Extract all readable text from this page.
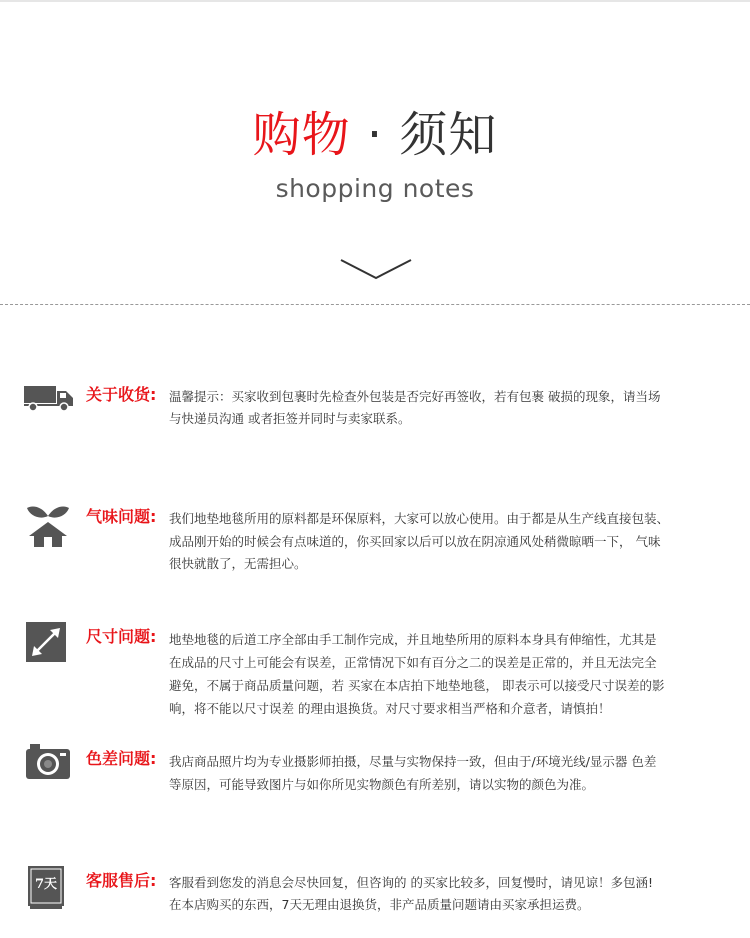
购物 · 须知
shopping notes
关于收货: 温馨提示：买家收到包裹时先检查外包装是否完好再签收，若有包裹 破损的现象，请当场
与快递员沟通 或者拒签并同时与卖家联系。
气味问题: 我们地垫地毯所用的原料都是环保原料，大家可以放心使用。由于都是从生产线直接包装、
成品刚开始的时候会有点味道的，你买回家以后可以放在阴凉通风处稍微晾晒一下， 气味
很快就散了，无需担心。
尺寸问题: 地垫地毯的后道工序全部由手工制作完成，并且地垫所用的原料本身具有伸缩性，尤其是
在成品的尺寸上可能会有误差，正常情况下如有百分之二的误差是正常的，并且无法完全
避免，不属于商品质量问题，若 买家在本店拍下地垫地毯， 即表示可以接受尺寸误差的影
响，将不能以尺寸误差 的理由退换货。对尺寸要求相当严格和介意者，请慎拍！
色差问题: 我店商品照片均为专业摄影师拍摄，尽量与实物保持一致，但由于/环境光线/显示器 色差
等原因，可能导致图片与如你所见实物颜色有所差别，请以实物的颜色为准。
7天	客服售后: 客服看到您发的消息会尽快回复，但咨询的 的买家比较多，回复慢时，请见谅！多包涵!
在本店购买的东西，7天无理由退换货，非产品质量问题请由买家承担运费。
